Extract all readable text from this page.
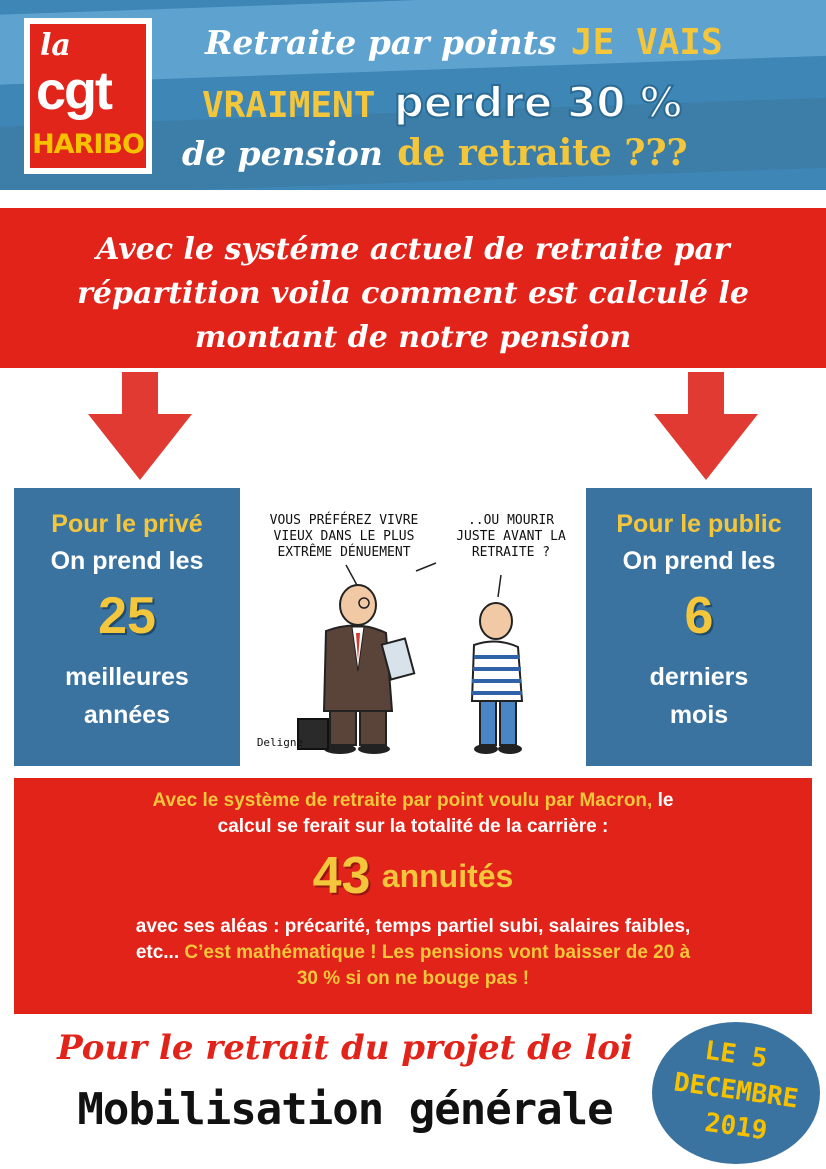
la
cgt
HARIBO
Retraite par points JE VAIS
VRAIMENT perdre 30 %
de pension de retraite ???
Avec le systéme actuel de retraite par répartition voila comment est calculé le montant de notre pension
Pour le privé
On prend les
25
meilleures
années
VOUS PRÉFÉREZ VIVRE VIEUX DANS LE PLUS EXTRÊME DÉNUEMENT
..OU MOURIR JUSTE AVANT LA RETRAITE ?
Deligne
Pour le public
On prend les
6
derniers
mois
Avec le système de retraite par point voulu par Macron, le
calcul se ferait sur la totalité de la carrière :
43 annuités
avec ses aléas : précarité, temps partiel subi, salaires faibles,
etc... C’est mathématique ! Les pensions vont baisser de 20 à
30 % si on ne bouge pas !
Pour le retrait du projet de loi
Mobilisation générale
LE 5
DECEMBRE
2019
